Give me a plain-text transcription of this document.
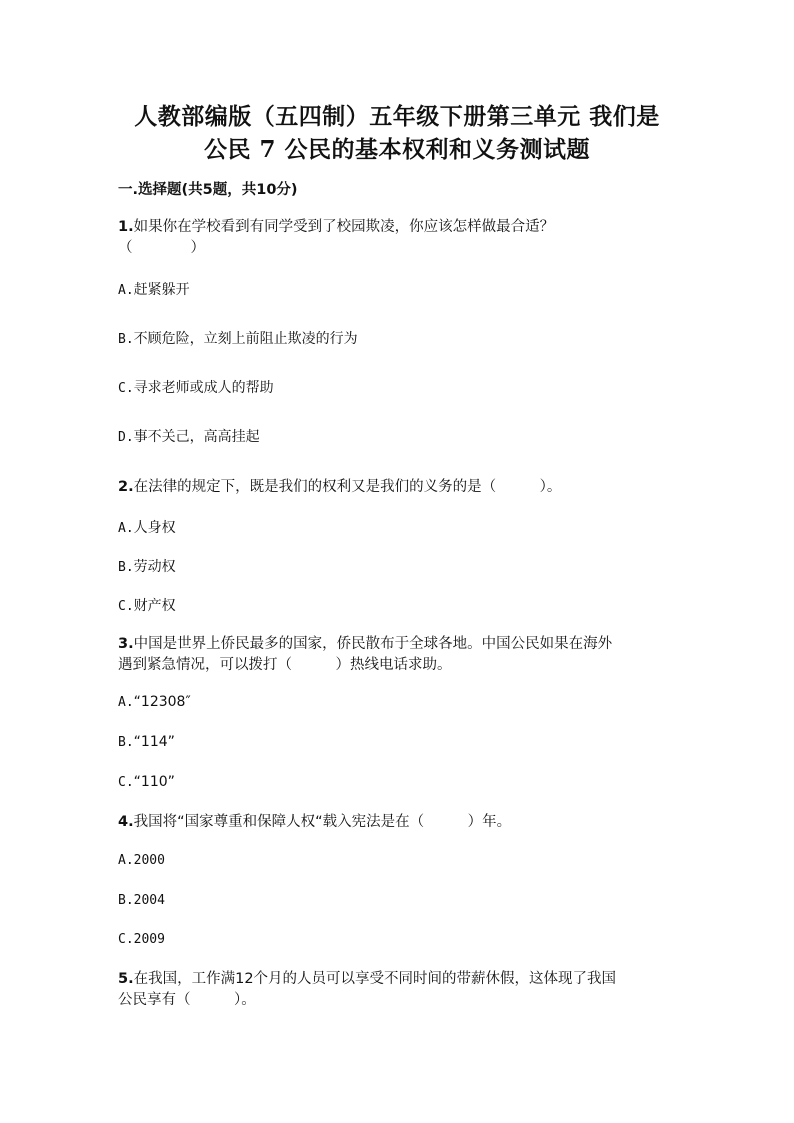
人教部编版（五四制）五年级下册第三单元 我们是
公民 7 公民的基本权利和义务测试题
一.选择题(共5题，共10分)
1.如果你在学校看到有同学受到了校园欺凌，你应该怎样做最合适？
（　　　　）
A.赶紧躲开
B.不顾危险，立刻上前阻止欺凌的行为
C.寻求老师或成人的帮助
D.事不关己，高高挂起
2.在法律的规定下，既是我们的权利又是我们的义务的是（　　　）。
A.人身权
B.劳动权
C.财产权
3.中国是世界上侨民最多的国家，侨民散布于全球各地。中国公民如果在海外
遇到紧急情况，可以拨打（　　　）热线电话求助。
A.“12308″
B.“114”
C.“110”
4.我国将“国家尊重和保障人权“载入宪法是在（　　　）年。
A.2000
B.2004
C.2009
5.在我国，工作满12个月的人员可以享受不同时间的带薪休假，这体现了我国
公民享有（　　　）。
